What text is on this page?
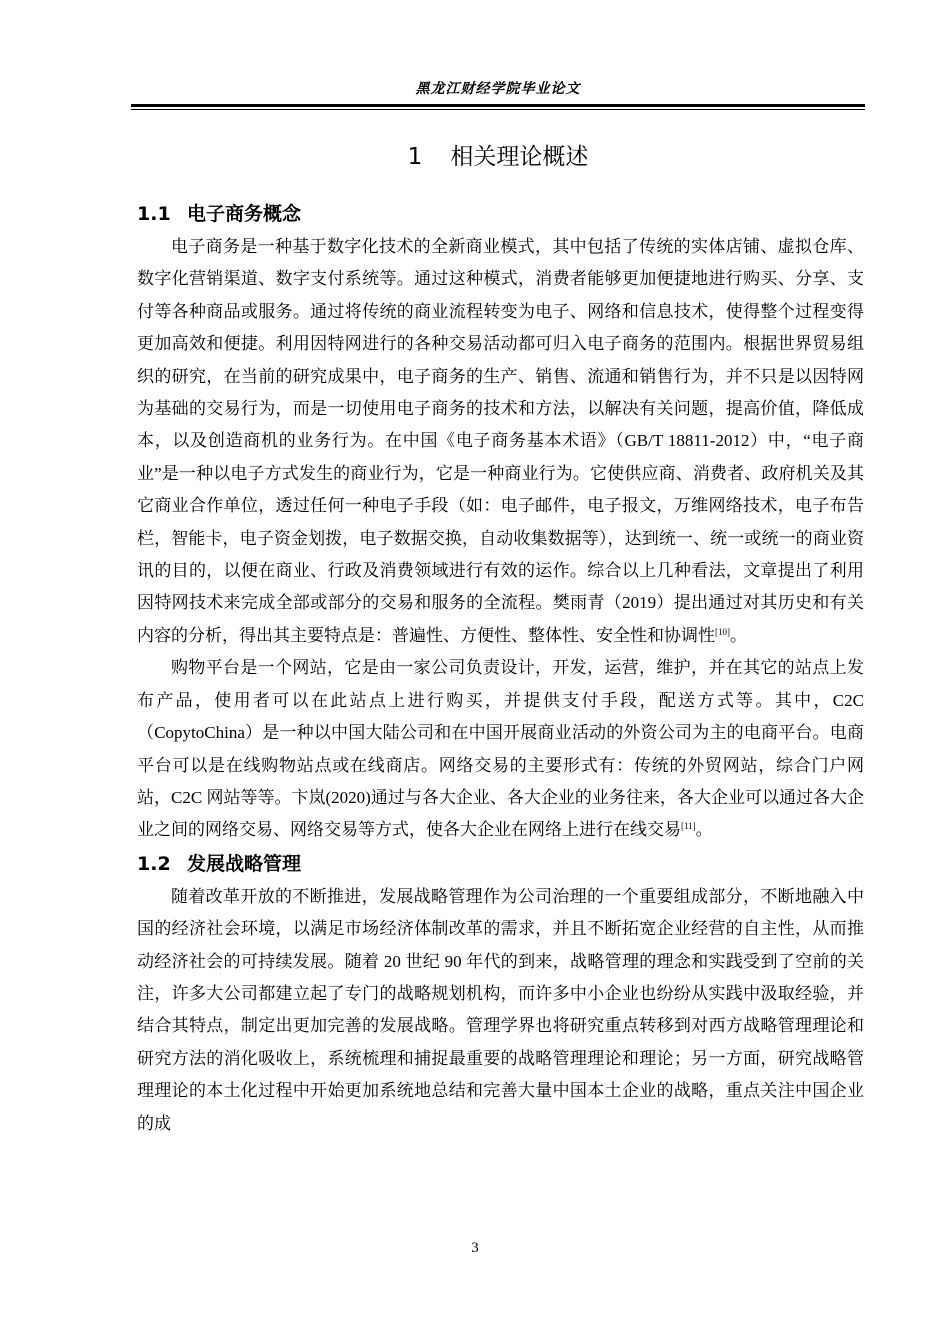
黑龙江财经学院毕业论文
1 相关理论概述
1.1 电子商务概念

电子商务是一种基于数字化技术的全新商业模式，其中包括了传统的实体店铺、虚拟仓库、数字化营销渠道、数字支付系统等。通过这种模式，消费者能够更加便捷地进行购买、分享、支付等各种商品或服务。通过将传统的商业流程转变为电子、网络和信息技术，使得整个过程变得更加高效和便捷。利用因特网进行的各种交易活动都可归入电子商务的范围内。根据世界贸易组织的研究，在当前的研究成果中，电子商务的生产、销售、流通和销售行为，并不只是以因特网为基础的交易行为，而是一切使用电子商务的技术和方法，以解决有关问题，提高价值，降低成本，以及创造商机的业务行为。在中国《电子商务基本术语》（GB/T 18811-2012）中，“电子商业”是一种以电子方式发生的商业行为，它是一种商业行为。它使供应商、消费者、政府机关及其它商业合作单位，透过任何一种电子手段（如：电子邮件，电子报文，万维网络技术，电子布告栏，智能卡，电子资金划拨，电子数据交换，自动收集数据等），达到统一、统一或统一的商业资讯的目的，以便在商业、行政及消费领域进行有效的运作。综合以上几种看法，文章提出了利用因特网技术来完成全部或部分的交易和服务的全流程。樊雨青（2019）提出通过对其历史和有关内容的分析，得出其主要特点是：普遍性、方便性、整体性、安全性和协调性[10]。

购物平台是一个网站，它是由一家公司负责设计，开发，运营，维护，并在其它的站点上发布产品，使用者可以在此站点上进行购买，并提供支付手段，配送方式等。其中，C2C （CopytoChina）是一种以中国大陆公司和在中国开展商业活动的外资公司为主的电商平台。电商平台可以是在线购物站点或在线商店。网络交易的主要形式有：传统的外贸网站，综合门户网站，C2C 网站等等。卞岚(2020)通过与各大企业、各大企业的业务往来，各大企业可以通过各大企业之间的网络交易、网络交易等方式，使各大企业在网络上进行在线交易[11]。

1.2 发展战略管理

随着改革开放的不断推进，发展战略管理作为公司治理的一个重要组成部分，不断地融入中国的经济社会环境，以满足市场经济体制改革的需求，并且不断拓宽企业经营的自主性，从而推动经济社会的可持续发展。随着 20 世纪 90 年代的到来，战略管理的理念和实践受到了空前的关注，许多大公司都建立起了专门的战略规划机构，而许多中小企业也纷纷从实践中汲取经验，并结合其特点，制定出更加完善的发展战略。管理学界也将研究重点转移到对西方战略管理理论和研究方法的消化吸收上，系统梳理和捕捉最重要的战略管理理论和理论；另一方面，研究战略管理理论的本土化过程中开始更加系统地总结和完善大量中国本土企业的战略，重点关注中国企业的成

3
